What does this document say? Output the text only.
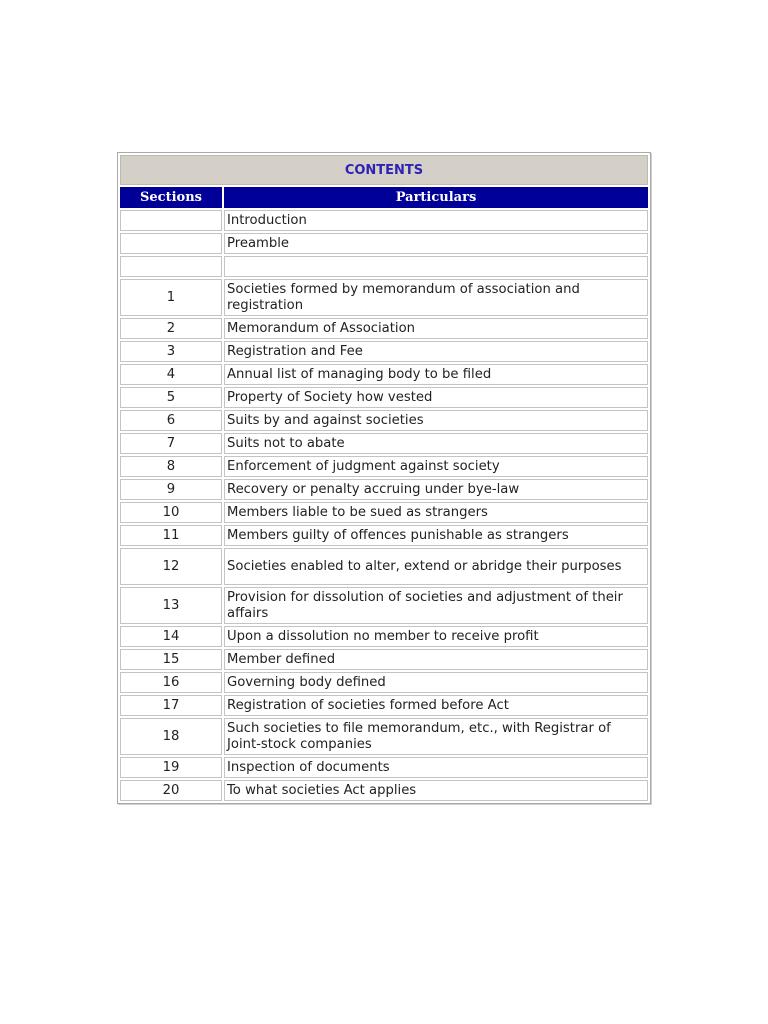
CONTENTS	
Sections	Particulars
	Introduction
	Preamble

1	Societies formed by memorandum of association and registration
2	Memorandum of Association
3	Registration and Fee
4	Annual list of managing body to be filed
5	Property of Society how vested
6	Suits by and against societies
7	Suits not to abate
8	Enforcement of judgment against society
9	Recovery or penalty accruing under bye-law
10	Members liable to be sued as strangers
11	Members guilty of offences punishable as strangers
12	Societies enabled to alter, extend or abridge their purposes
13	Provision for dissolution of societies and adjustment of their affairs
14	Upon a dissolution no member to receive profit
15	Member defined
16	Governing body defined
17	Registration of societies formed before Act
18	Such societies to file memorandum, etc., with Registrar of Joint-stock companies
19	Inspection of documents
20	To what societies Act applies
